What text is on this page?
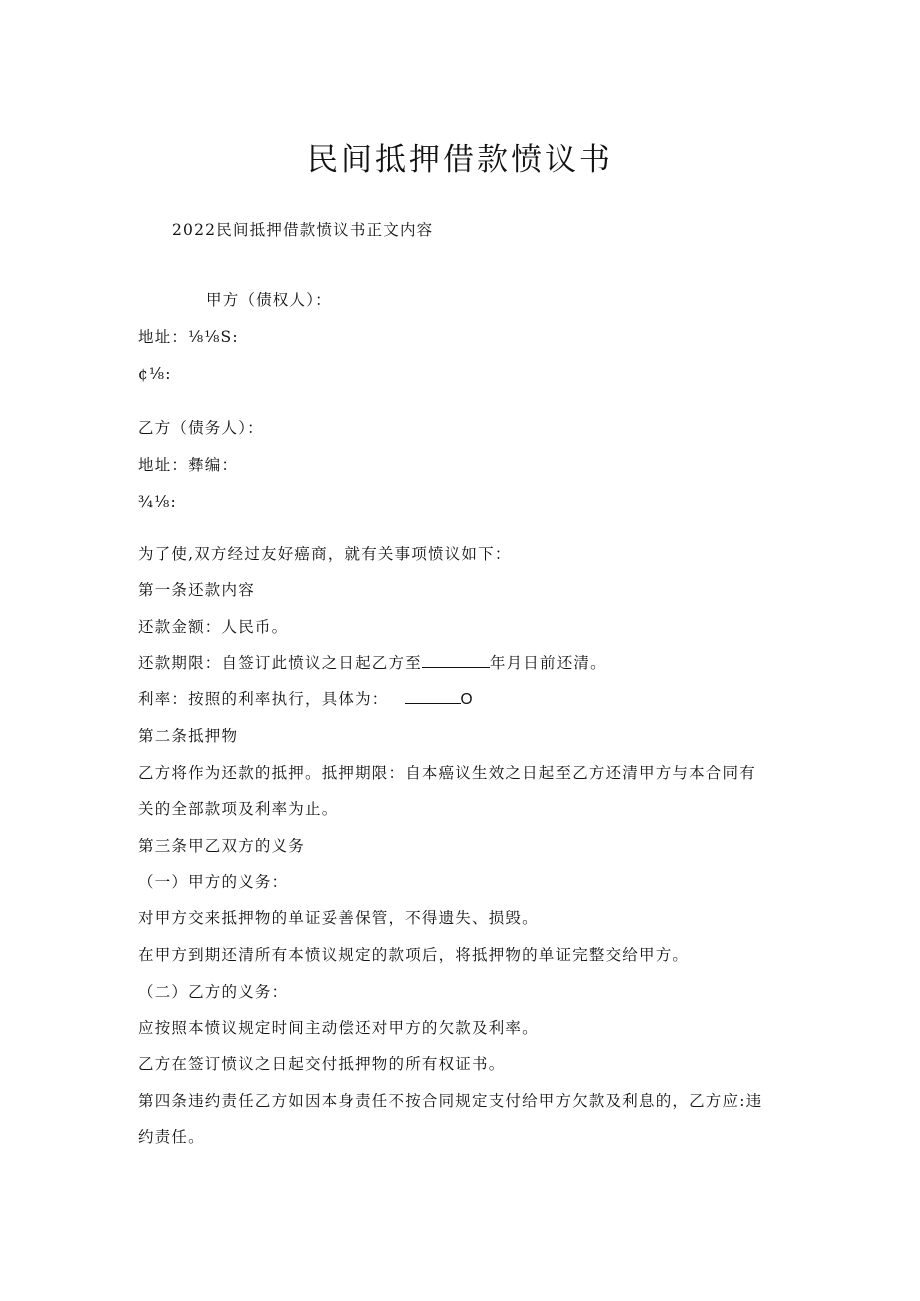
民间抵押借款愤议书
2022民间抵押借款愤议书正文内容
甲方（债权人）：
地址：⅛⅛S:
¢⅛:
乙方（债务人）：
地址：彝编：
¾⅛:
为了使,双方经过友好癌商，就有关事项愤议如下：
第一条还款内容
还款金额：人民币。
还款期限：自签订此愤议之日起乙方至	年月日前还清。
利率：按照的利率执行，具体为：	O
第二条抵押物
乙方将作为还款的抵押。抵押期限：自本癌议生效之日起至乙方还清甲方与本合同有
关的全部款项及利率为止。
第三条甲乙双方的义务
（一）甲方的义务：
对甲方交来抵押物的单证妥善保管，不得遗失、损毁。
在甲方到期还清所有本愤议规定的款项后，将抵押物的单证完整交给甲方。
（二）乙方的义务：
应按照本愤议规定时间主动偿还对甲方的欠款及利率。
乙方在签订愤议之日起交付抵押物的所有权证书。
第四条违约责任乙方如因本身责任不按合同规定支付给甲方欠款及利息的，乙方应:违
约责任。
